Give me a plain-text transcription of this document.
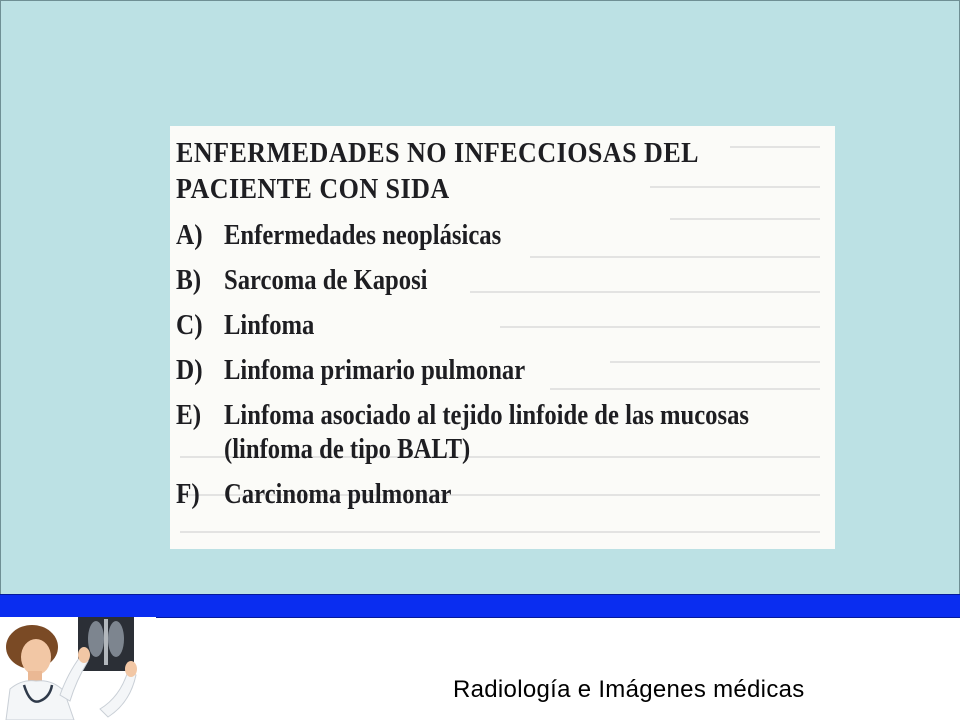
ENFERMEDADES NO INFECCIOSAS DEL
PACIENTE CON SIDA
A) Enfermedades neoplásicas
B) Sarcoma de Kaposi
C) Linfoma
D) Linfoma primario pulmonar
E) Linfoma asociado al tejido linfoide de las mucosas (linfoma de tipo BALT)
F) Carcinoma pulmonar
Radiología e Imágenes médicas
